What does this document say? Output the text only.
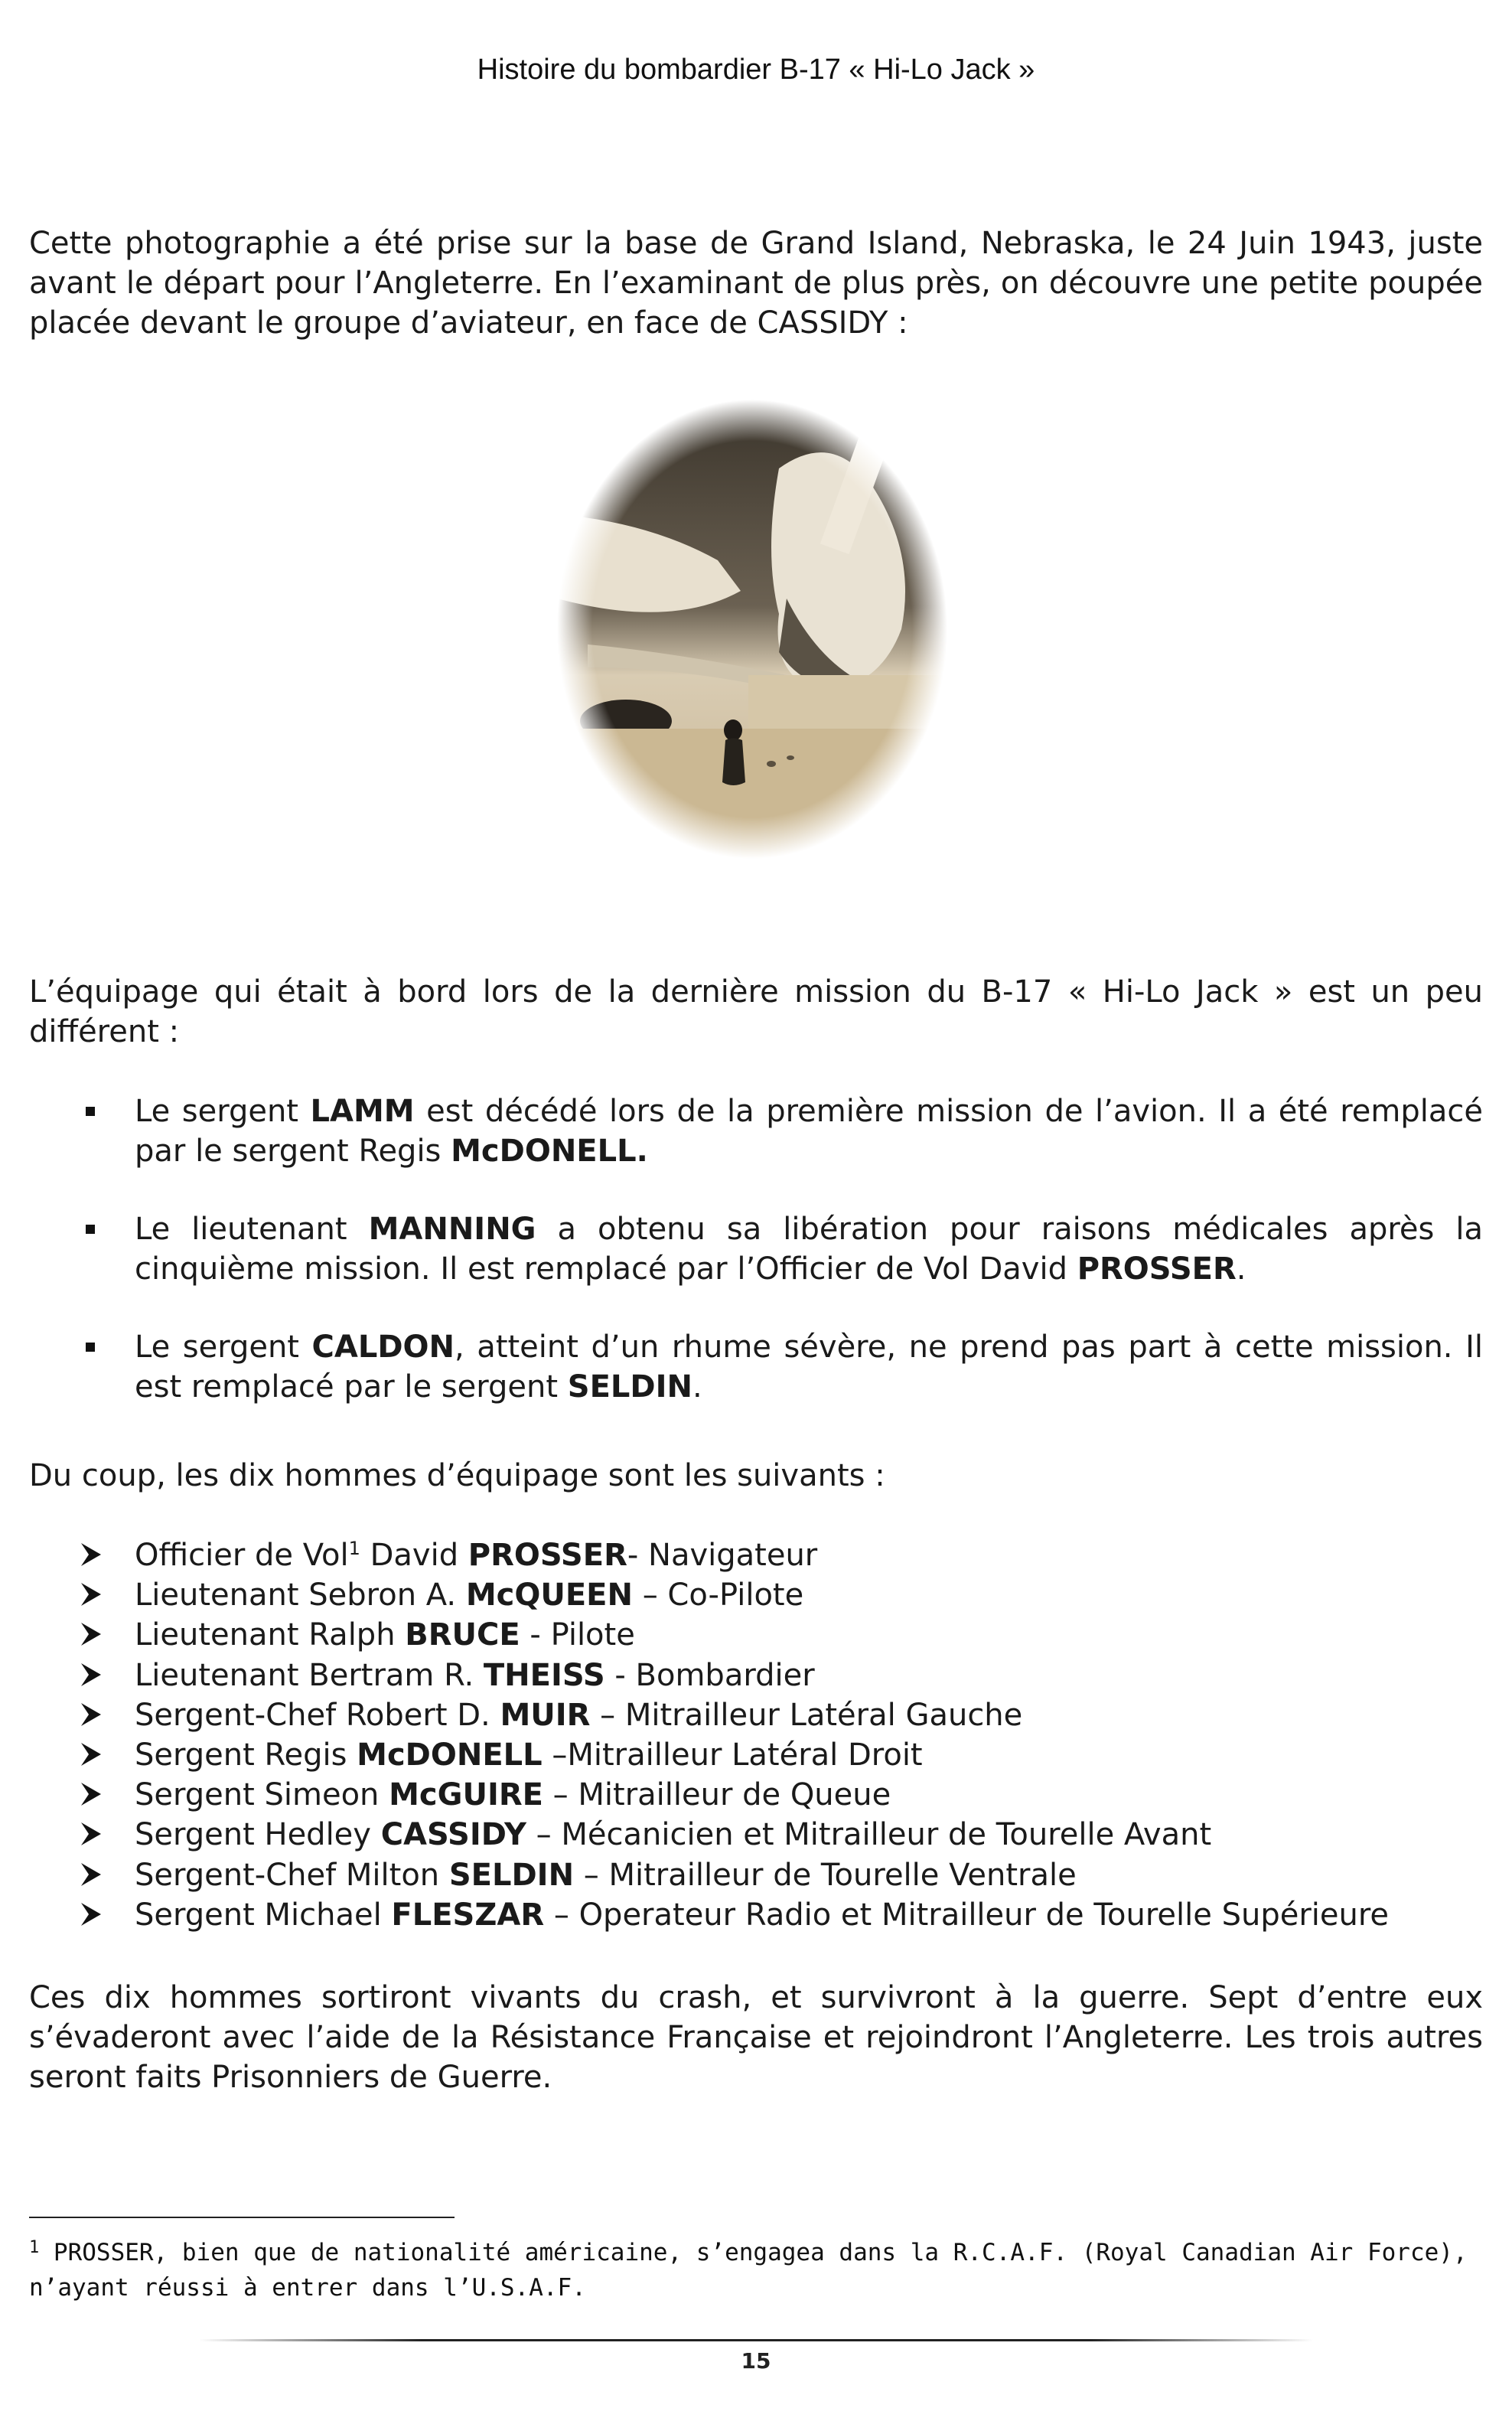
Histoire du bombardier B-17 « Hi-Lo Jack »
Cette photographie a été prise sur la base de Grand Island, Nebraska, le 24 Juin 1943, juste avant le départ pour l’Angleterre. En l’examinant de plus près, on découvre une petite poupée placée devant le groupe d’aviateur, en face de CASSIDY :
L’équipage qui était à bord lors de la dernière mission du B-17 « Hi-Lo Jack » est un peu différent :
Le sergent LAMM est décédé lors de la première mission de l’avion. Il a été remplacé par le sergent Regis McDONELL.
Le lieutenant MANNING a obtenu sa libération pour raisons médicales après la cinquième mission. Il est remplacé par l’Officier de Vol David PROSSER.
Le sergent CALDON, atteint d’un rhume sévère, ne prend pas part à cette mission. Il est remplacé par le sergent SELDIN.
Du coup, les dix hommes d’équipage sont les suivants :
Officier de Vol$^1$ David PROSSER- Navigateur
Lieutenant Sebron A. McQUEEN – Co-Pilote
Lieutenant Ralph BRUCE - Pilote
Lieutenant Bertram R. THEISS - Bombardier
Sergent-Chef Robert D. MUIR – Mitrailleur Latéral Gauche
Sergent Regis McDONELL –Mitrailleur Latéral Droit
Sergent Simeon McGUIRE – Mitrailleur de Queue
Sergent Hedley CASSIDY – Mécanicien et Mitrailleur de Tourelle Avant
Sergent-Chef Milton SELDIN – Mitrailleur de Tourelle Ventrale
Sergent Michael FLESZAR – Operateur Radio et Mitrailleur de Tourelle Supérieure
Ces dix hommes sortiront vivants du crash, et survivront à la guerre. Sept d’entre eux s’évaderont avec l’aide de la Résistance Française et rejoindront l’Angleterre. Les trois autres seront faits Prisonniers de Guerre.
$^1$ PROSSER, bien que de nationalité américaine, s’engagea dans la R.C.A.F. (Royal Canadian Air Force), n’ayant réussi à entrer dans l’U.S.A.F.
15
